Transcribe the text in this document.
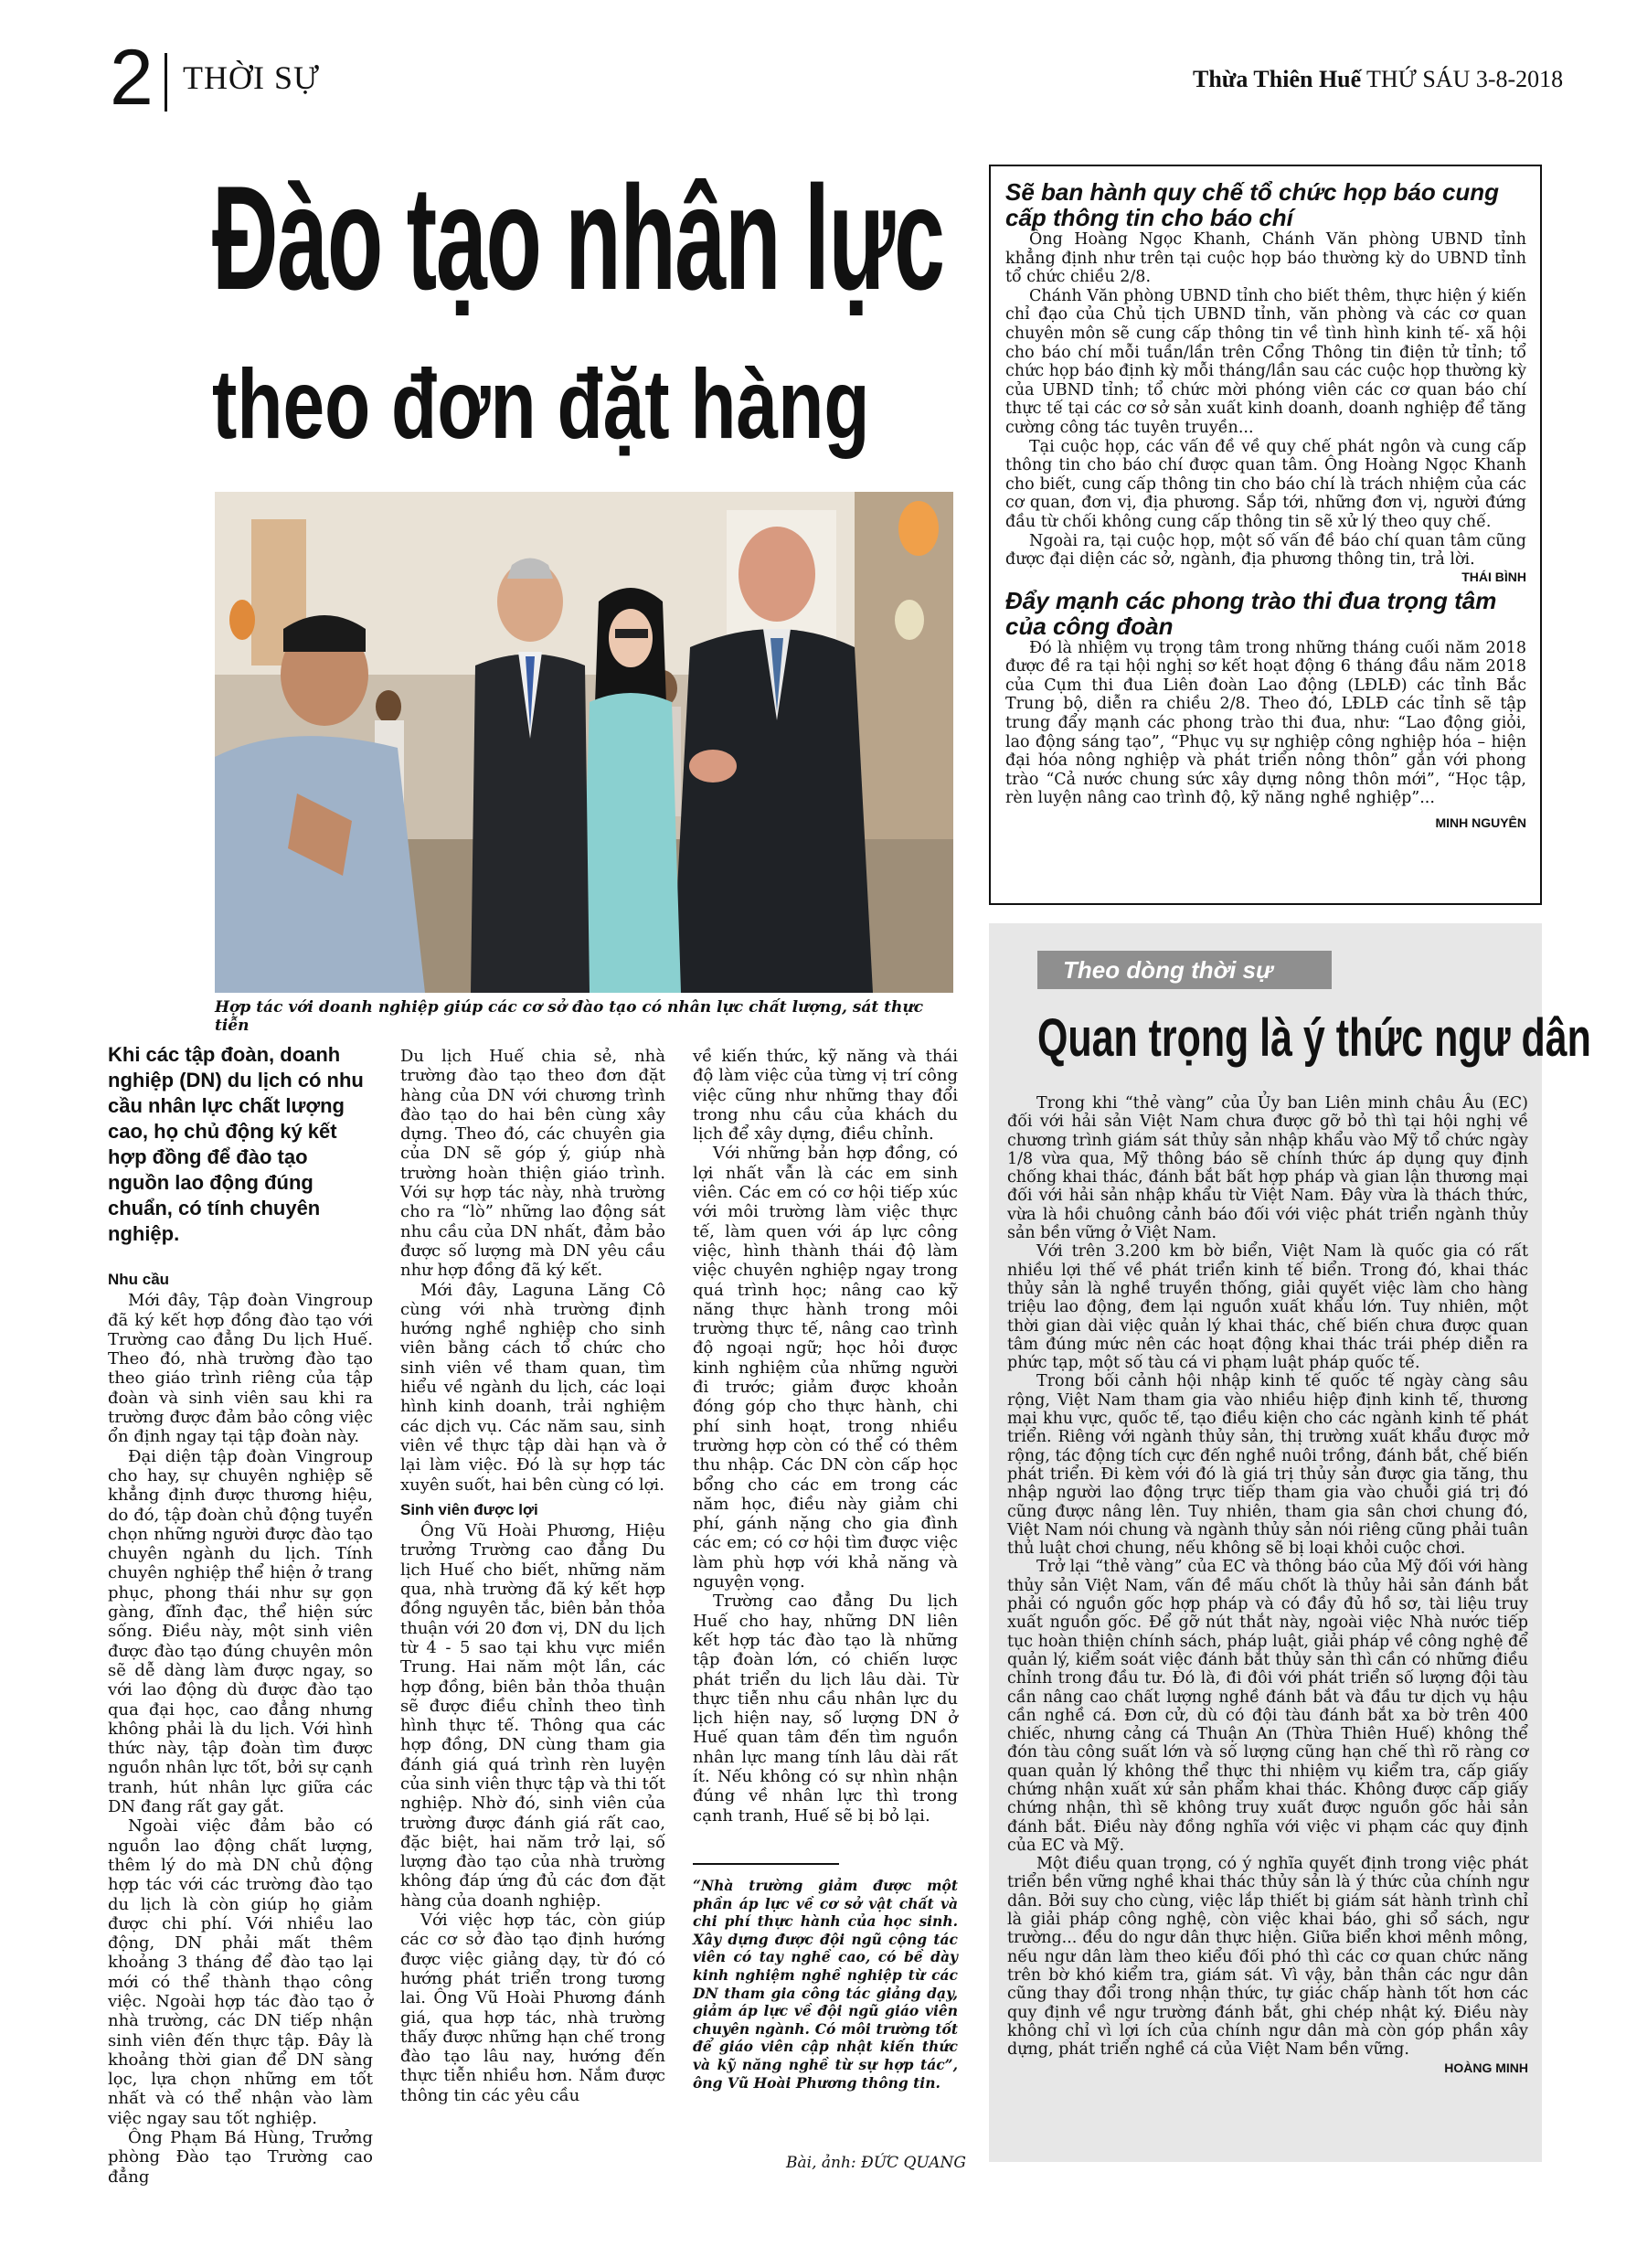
2 THỜI SỰ	Thừa Thiên Huế THỨ SÁU 3-8-2018
Đào tạo nhân lực
theo đơn đặt hàng
Hợp tác với doanh nghiệp giúp các cơ sở đào tạo có nhân lực chất lượng, sát thực tiễn
Khi các tập đoàn, doanh nghiệp (DN) du lịch có nhu cầu nhân lực chất lượng cao, họ chủ động ký kết hợp đồng để đào tạo nguồn lao động đúng chuẩn, có tính chuyên nghiệp.
Nhu cầu

Mới đây, Tập đoàn Vingroup đã ký kết hợp đồng đào tạo với Trường cao đẳng Du lịch Huế. Theo đó, nhà trường đào tạo theo giáo trình riêng của tập đoàn và sinh viên sau khi ra trường được đảm bảo công việc ổn định ngay tại tập đoàn này.

Đại diện tập đoàn Vingroup cho hay, sự chuyên nghiệp sẽ khẳng định được thương hiệu, do đó, tập đoàn chủ động tuyển chọn những người được đào tạo chuyên ngành du lịch. Tính chuyên nghiệp thể hiện ở trang phục, phong thái như sự gọn gàng, đĩnh đạc, thể hiện sức sống. Điều này, một sinh viên được đào tạo đúng chuyên môn sẽ dễ dàng làm được ngay, so với lao động dù được đào tạo qua đại học, cao đẳng nhưng không phải là du lịch. Với hình thức này, tập đoàn tìm được nguồn nhân lực tốt, bởi sự cạnh tranh, hút nhân lực giữa các DN đang rất gay gắt.

Ngoài việc đảm bảo có nguồn lao động chất lượng, thêm lý do mà DN chủ động hợp tác với các trường đào tạo du lịch là còn giúp họ giảm được chi phí. Với nhiều lao động, DN phải mất thêm khoảng 3 tháng để đào tạo lại mới có thể thành thạo công việc. Ngoài hợp tác đào tạo ở nhà trường, các DN tiếp nhận sinh viên đến thực tập. Đây là khoảng thời gian để DN sàng lọc, lựa chọn những em tốt nhất và có thể nhận vào làm việc ngay sau tốt nghiệp.

Ông Phạm Bá Hùng, Trưởng phòng Đào tạo Trường cao đẳng

Du lịch Huế chia sẻ, nhà trường đào tạo theo đơn đặt hàng của DN với chương trình đào tạo do hai bên cùng xây dựng. Theo đó, các chuyên gia của DN sẽ góp ý, giúp nhà trường hoàn thiện giáo trình. Với sự hợp tác này, nhà trường cho ra “lò” những lao động sát nhu cầu của DN nhất, đảm bảo được số lượng mà DN yêu cầu như hợp đồng đã ký kết.

Mới đây, Laguna Lăng Cô cùng với nhà trường định hướng nghề nghiệp cho sinh viên bằng cách tổ chức cho sinh viên về tham quan, tìm hiểu về ngành du lịch, các loại hình kinh doanh, trải nghiệm các dịch vụ. Các năm sau, sinh viên về thực tập dài hạn và ở lại làm việc. Đó là sự hợp tác xuyên suốt, hai bên cùng có lợi.

Sinh viên được lợi

Ông Vũ Hoài Phương, Hiệu trưởng Trường cao đẳng Du lịch Huế cho biết, những năm qua, nhà trường đã ký kết hợp đồng nguyên tắc, biên bản thỏa thuận với 20 đơn vị, DN du lịch từ 4 - 5 sao tại khu vực miền Trung. Hai năm một lần, các hợp đồng, biên bản thỏa thuận sẽ được điều chỉnh theo tình hình thực tế. Thông qua các hợp đồng, DN cùng tham gia đánh giá quá trình rèn luyện của sinh viên thực tập và thi tốt nghiệp. Nhờ đó, sinh viên của trường được đánh giá rất cao, đặc biệt, hai năm trở lại, số lượng đào tạo của nhà trường không đáp ứng đủ các đơn đặt hàng của doanh nghiệp.

Với việc hợp tác, còn giúp các cơ sở đào tạo định hướng được việc giảng dạy, từ đó có hướng phát triển trong tương lai. Ông Vũ Hoài Phương đánh giá, qua hợp tác, nhà trường thấy được những hạn chế trong đào tạo lâu nay, hướng đến thực tiễn nhiều hơn. Nắm được thông tin các yêu cầu

về kiến thức, kỹ năng và thái độ làm việc của từng vị trí công việc cũng như những thay đổi trong nhu cầu của khách du lịch để xây dựng, điều chỉnh.

Với những bản hợp đồng, có lợi nhất vẫn là các em sinh viên. Các em có cơ hội tiếp xúc với môi trường làm việc thực tế, làm quen với áp lực công việc, hình thành thái độ làm việc chuyên nghiệp ngay trong quá trình học; nâng cao kỹ năng thực hành trong môi trường thực tế, nâng cao trình độ ngoại ngữ; học hỏi được kinh nghiệm của những người đi trước; giảm được khoản đóng góp cho thực hành, chi phí sinh hoạt, trong nhiều trường hợp còn có thể có thêm thu nhập. Các DN còn cấp học bổng cho các em trong các năm học, điều này giảm chi phí, gánh nặng cho gia đình các em; có cơ hội tìm được việc làm phù hợp với khả năng và nguyện vọng.

Trường cao đẳng Du lịch Huế cho hay, những DN liên kết hợp tác đào tạo là những tập đoàn lớn, có chiến lược phát triển du lịch lâu dài. Từ thực tiễn nhu cầu nhân lực du lịch hiện nay, số lượng DN ở Huế quan tâm đến tìm nguồn nhân lực mang tính lâu dài rất ít. Nếu không có sự nhìn nhận đúng về nhân lực thì trong cạnh tranh, Huế sẽ bị bỏ lại.

“Nhà trường giảm được một phần áp lực về cơ sở vật chất và chi phí thực hành của học sinh. Xây dựng được đội ngũ cộng tác viên có tay nghề cao, có bề dày kinh nghiệm nghề nghiệp từ các DN tham gia công tác giảng dạy, giảm áp lực về đội ngũ giáo viên chuyên ngành. Có môi trường tốt để giáo viên cập nhật kiến thức và kỹ năng nghề từ sự hợp tác”, ông Vũ Hoài Phương thông tin.
Bài, ảnh: ĐỨC QUANG
Sẽ ban hành quy chế tổ chức họp báo cung cấp thông tin cho báo chí

Ông Hoàng Ngọc Khanh, Chánh Văn phòng UBND tỉnh khẳng định như trên tại cuộc họp báo thường kỳ do UBND tỉnh tổ chức chiều 2/8.

Chánh Văn phòng UBND tỉnh cho biết thêm, thực hiện ý kiến chỉ đạo của Chủ tịch UBND tỉnh, văn phòng và các cơ quan chuyên môn sẽ cung cấp thông tin về tình hình kinh tế- xã hội cho báo chí mỗi tuần/lần trên Cổng Thông tin điện tử tỉnh; tổ chức họp báo định kỳ mỗi tháng/lần sau các cuộc họp thường kỳ của UBND tỉnh; tổ chức mời phóng viên các cơ quan báo chí thực tế tại các cơ sở sản xuất kinh doanh, doanh nghiệp để tăng cường công tác tuyên truyền...

Tại cuộc họp, các vấn đề về quy chế phát ngôn và cung cấp thông tin cho báo chí được quan tâm. Ông Hoàng Ngọc Khanh cho biết, cung cấp thông tin cho báo chí là trách nhiệm của các cơ quan, đơn vị, địa phương. Sắp tới, những đơn vị, người đứng đầu từ chối không cung cấp thông tin sẽ xử lý theo quy chế.

Ngoài ra, tại cuộc họp, một số vấn đề báo chí quan tâm cũng được đại diện các sở, ngành, địa phương thông tin, trả lời.

THÁI BÌNH
Đẩy mạnh các phong trào thi đua trọng tâm của công đoàn

Đó là nhiệm vụ trọng tâm trong những tháng cuối năm 2018 được đề ra tại hội nghị sơ kết hoạt động 6 tháng đầu năm 2018 của Cụm thi đua Liên đoàn Lao động (LĐLĐ) các tỉnh Bắc Trung bộ, diễn ra chiều 2/8. Theo đó, LĐLĐ các tỉnh sẽ tập trung đẩy mạnh các phong trào thi đua, như: “Lao động giỏi, lao động sáng tạo”, “Phục vụ sự nghiệp công nghiệp hóa – hiện đại hóa nông nghiệp và phát triển nông thôn” gắn với phong trào “Cả nước chung sức xây dựng nông thôn mới”, “Học tập, rèn luyện nâng cao trình độ, kỹ năng nghề nghiệp”...

MINH NGUYÊN
Theo dòng thời sự
Quan trọng là ý thức ngư dân

Trong khi “thẻ vàng” của Ủy ban Liên minh châu Âu (EC) đối với hải sản Việt Nam chưa được gỡ bỏ thì tại hội nghị về chương trình giám sát thủy sản nhập khẩu vào Mỹ tổ chức ngày 1/8 vừa qua, Mỹ thông báo sẽ chính thức áp dụng quy định chống khai thác, đánh bắt bất hợp pháp và gian lận thương mại đối với hải sản nhập khẩu từ Việt Nam. Đây vừa là thách thức, vừa là hồi chuông cảnh báo đối với việc phát triển ngành thủy sản bền vững ở Việt Nam.

Với trên 3.200 km bờ biển, Việt Nam là quốc gia có rất nhiều lợi thế về phát triển kinh tế biển. Trong đó, khai thác thủy sản là nghề truyền thống, giải quyết việc làm cho hàng triệu lao động, đem lại nguồn xuất khẩu lớn. Tuy nhiên, một thời gian dài việc quản lý khai thác, chế biến chưa được quan tâm đúng mức nên các hoạt động khai thác trái phép diễn ra phức tạp, một số tàu cá vi phạm luật pháp quốc tế.

Trong bối cảnh hội nhập kinh tế quốc tế ngày càng sâu rộng, Việt Nam tham gia vào nhiều hiệp định kinh tế, thương mại khu vực, quốc tế, tạo điều kiện cho các ngành kinh tế phát triển. Riêng với ngành thủy sản, thị trường xuất khẩu được mở rộng, tác động tích cực đến nghề nuôi trồng, đánh bắt, chế biến phát triển. Đi kèm với đó là giá trị thủy sản được gia tăng, thu nhập người lao động trực tiếp tham gia vào chuỗi giá trị đó cũng được nâng lên. Tuy nhiên, tham gia sân chơi chung đó, Việt Nam nói chung và ngành thủy sản nói riêng cũng phải tuân thủ luật chơi chung, nếu không sẽ bị loại khỏi cuộc chơi.

Trở lại “thẻ vàng” của EC và thông báo của Mỹ đối với hàng thủy sản Việt Nam, vấn đề mấu chốt là thủy hải sản đánh bắt phải có nguồn gốc hợp pháp và có đầy đủ hồ sơ, tài liệu truy xuất nguồn gốc. Để gỡ nút thắt này, ngoài việc Nhà nước tiếp tục hoàn thiện chính sách, pháp luật, giải pháp về công nghệ để quản lý, kiểm soát việc đánh bắt thủy sản thì cần có những điều chỉnh trong đầu tư. Đó là, đi đôi với phát triển số lượng đội tàu cần nâng cao chất lượng nghề đánh bắt và đầu tư dịch vụ hậu cần nghề cá. Đơn cử, dù có đội tàu đánh bắt xa bờ trên 400 chiếc, nhưng cảng cá Thuận An (Thừa Thiên Huế) không thể đón tàu công suất lớn và số lượng cũng hạn chế thì rõ ràng cơ quan quản lý không thể thực thi nhiệm vụ kiểm tra, cấp giấy chứng nhận xuất xứ sản phẩm khai thác. Không được cấp giấy chứng nhận, thì sẽ không truy xuất được nguồn gốc hải sản đánh bắt. Điều này đồng nghĩa với việc vi phạm các quy định của EC và Mỹ.

Một điều quan trọng, có ý nghĩa quyết định trong việc phát triển bền vững nghề khai thác thủy sản là ý thức của chính ngư dân. Bởi suy cho cùng, việc lắp thiết bị giám sát hành trình chỉ là giải pháp công nghệ, còn việc khai báo, ghi sổ sách, ngư trường... đều do ngư dân thực hiện. Giữa biển khơi mênh mông, nếu ngư dân làm theo kiểu đối phó thì các cơ quan chức năng trên bờ khó kiểm tra, giám sát. Vì vậy, bản thân các ngư dân cũng thay đổi trong nhận thức, tự giác chấp hành tốt hơn các quy định về ngư trường đánh bắt, ghi chép nhật ký. Điều này không chỉ vì lợi ích của chính ngư dân mà còn góp phần xây dựng, phát triển nghề cá của Việt Nam bền vững.

HOÀNG MINH
